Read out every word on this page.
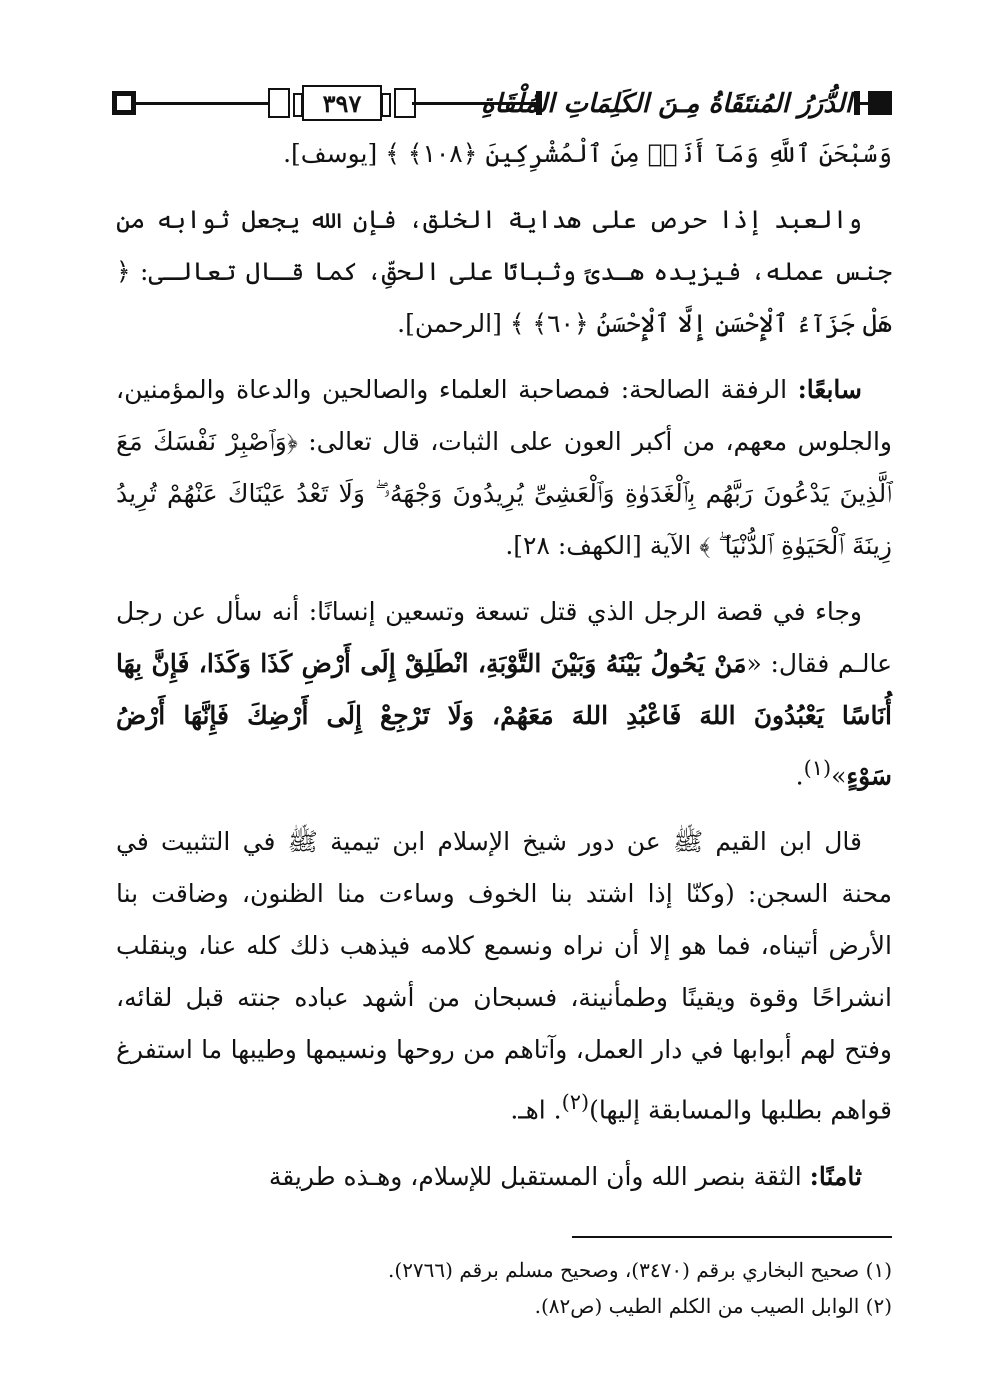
٣٩٧	الدُّرَرُ المُنتَقَاةُ مِـنَ الكَلِمَاتِ المُلْقَاةِ

وَسُبْحَنَ ٱللَّهِ وَمَآ أَنَا۠ مِنَ ٱلْمُشْرِكِينَ ﴿١٠٨﴾ ﴾ [يوسف].

والعبد إذا حرص على هداية الخلق، فإن الله يجعل ثوابه من جنس عمله، فيزيده هـدىً وثباتًا على الحقِّ، كما قـال تعالـى: ﴿ هَلْ جَزَآءُ ٱلْإِحْسَنِ إِلَّا ٱلْإِحْسَنُ ﴿٦٠﴾ ﴾ [الرحمن].

سابعًا: الرفقة الصالحة: فمصاحبة العلماء والصالحين والدعاة والمؤمنين، والجلوس معهم، من أكبر العون على الثبات، قال تعالى: ﴿وَٱصْبِرْ نَفْسَكَ مَعَ ٱلَّذِينَ يَدْعُونَ رَبَّهُم بِٱلْغَدَوٰةِ وَٱلْعَشِىِّ يُرِيدُونَ وَجْهَهُۥ ۖ وَلَا تَعْدُ عَيْنَاكَ عَنْهُمْ تُرِيدُ زِينَةَ ٱلْحَيَوٰةِ ٱلدُّنْيَا ۖ ﴾ الآية [الكهف: ٢٨].

وجاء في قصة الرجل الذي قتل تسعة وتسعين إنسانًا: أنه سأل عن رجل عالـم فقال: «مَنْ يَحُولُ بَيْنَهُ وَبَيْنَ التَّوْبَةِ، انْطَلِقْ إِلَى أَرْضِ كَذَا وَكَذَا، فَإِنَّ بِهَا أُنَاسًا يَعْبُدُونَ اللهَ فَاعْبُدِ اللهَ مَعَهُمْ، وَلَا تَرْجِعْ إِلَى أَرْضِكَ فَإِنَّهَا أَرْضُ سَوْءٍ»$^{(١)}$.

قال ابن القيم ﷺ عن دور شيخ الإسلام ابن تيمية ﷺ في التثبيت في محنة السجن: (وكنّا إذا اشتد بنا الخوف وساءت منا الظنون، وضاقت بنا الأرض أتيناه، فما هو إلا أن نراه ونسمع كلامه فيذهب ذلك كله عنا، وينقلب انشراحًا وقوة ويقينًا وطمأنينة، فسبحان من أشهد عباده جنته قبل لقائه، وفتح لهم أبوابها في دار العمل، وآتاهم من روحها ونسيمها وطيبها ما استفرغ قواهم بطلبها والمسابقة إليها)$^{(٢)}$. اهـ.

ثامنًا: الثقة بنصر الله وأن المستقبل للإسلام، وهـذه طريقة

(١) صحيح البخاري برقم (٣٤٧٠)، وصحيح مسلم برقم (٢٧٦٦).
(٢) الوابل الصيب من الكلم الطيب (ص٨٢).
